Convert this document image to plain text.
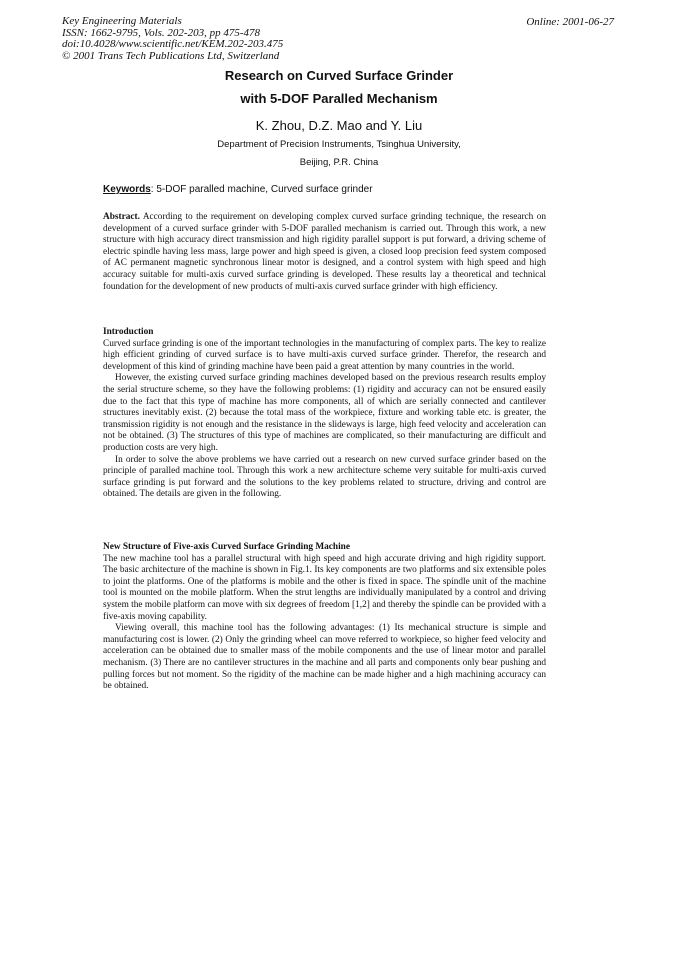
Key Engineering Materials
ISSN: 1662-9795, Vols. 202-203, pp 475-478
doi:10.4028/www.scientific.net/KEM.202-203.475
© 2001 Trans Tech Publications Ltd, Switzerland
Online: 2001-06-27
Research on Curved Surface Grinder
with 5-DOF Paralled Mechanism
K. Zhou, D.Z. Mao and Y. Liu
Department of Precision Instruments, Tsinghua University,
Beijing, P.R. China
Keywords: 5-DOF paralled machine, Curved surface grinder

Abstract. According to the requirement on developing complex curved surface grinding technique, the research on development of a curved surface grinder with 5-DOF paralled mechanism is carried out. Through this work, a new structure with high accuracy direct transmission and high rigidity parallel support is put forward, a driving scheme of electric spindle having less mass, large power and high speed is given, a closed loop precision feed system composed of AC permanent magnetic synchronous linear motor is designed, and a control system with high speed and high accuracy suitable for multi-axis curved surface grinding is developed. These results lay a theoretical and technical foundation for the development of new products of multi-axis curved surface grinder with high efficiency.

Introduction

Curved surface grinding is one of the important technologies in the manufacturing of complex parts. The key to realize high efficient grinding of curved surface is to have multi-axis curved surface grinder. Therefor, the research and development of this kind of grinding machine have been paid a great attention by many countries in the world.

However, the existing curved surface grinding machines developed based on the previous research results employ the serial structure scheme, so they have the following problems: (1) rigidity and accuracy can not be ensured easily due to the fact that this type of machine has more components, all of which are serially connected and cantilever structures inevitably exist. (2) because the total mass of the workpiece, fixture and working table etc. is greater, the transmission rigidity is not enough and the resistance in the slideways is large, high feed velocity and acceleration can not be obtained. (3) The structures of this type of machines are complicated, so their manufacturing are difficult and production costs are very high.

In order to solve the above problems we have carried out a research on new curved surface grinder based on the principle of paralled machine tool. Through this work a new architecture scheme very suitable for multi-axis curved surface grinding is put forward and the solutions to the key problems related to structure, driving and control are obtained. The details are given in the following.

New Structure of Five-axis Curved Surface Grinding Machine

The new machine tool has a parallel structural with high speed and high accurate driving and high rigidity support. The basic architecture of the machine is shown in Fig.1. Its key components are two platforms and six extensible poles to joint the platforms. One of the platforms is mobile and the other is fixed in space. The spindle unit of the machine tool is mounted on the mobile platform. When the strut lengths are individually manipulated by a control and driving system the mobile platform can move with six degrees of freedom [1,2] and thereby the spindle can be provided with a five-axis moving capability.

Viewing overall, this machine tool has the following advantages: (1) Its mechanical structure is simple and manufacturing cost is lower. (2) Only the grinding wheel can move referred to workpiece, so higher feed velocity and acceleration can be obtained due to smaller mass of the mobile components and the use of linear motor and parallel mechanism. (3) There are no cantilever structures in the machine and all parts and components only bear pushing and pulling forces but not moment. So the rigidity of the machine can be made higher and a high machining accuracy can be obtained.
